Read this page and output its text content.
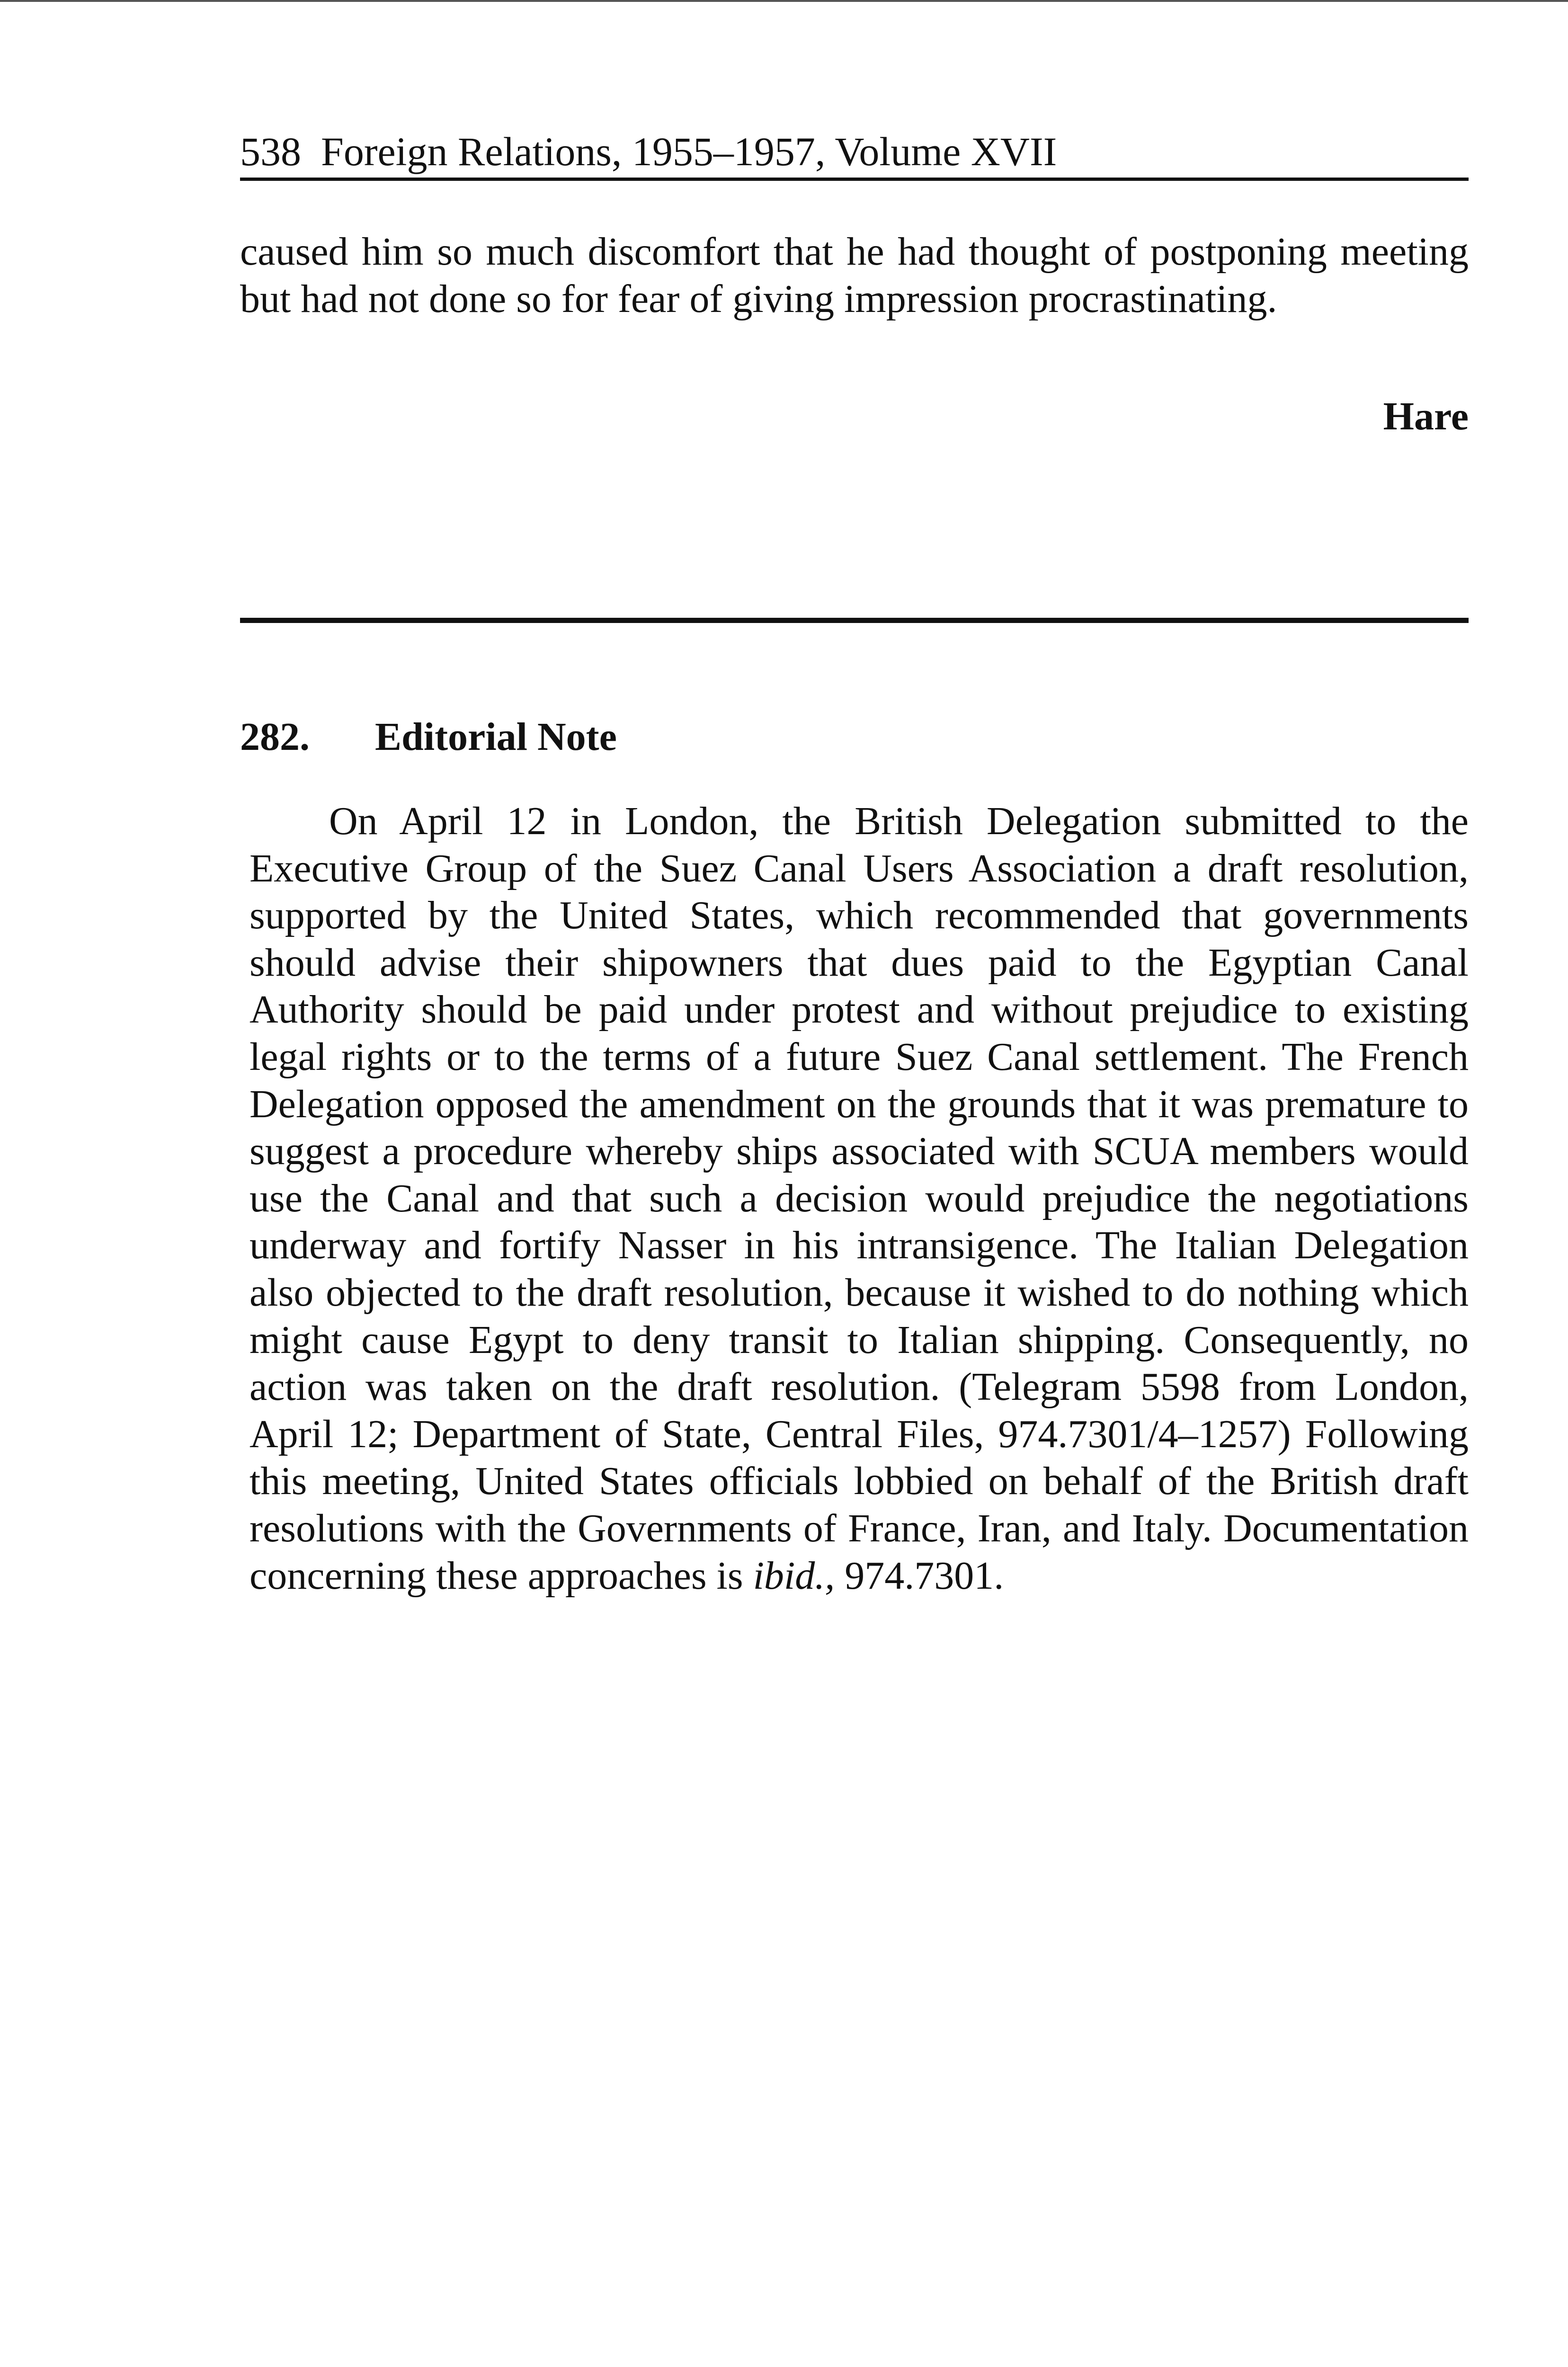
538 Foreign Relations, 1955–1957, Volume XVII

caused him so much discomfort that he had thought of postponing meeting but had not done so for fear of giving impression procrastinating.

Hare
282. Editorial Note

On April 12 in London, the British Delegation submitted to the Executive Group of the Suez Canal Users Association a draft resolution, supported by the United States, which recommended that governments should advise their shipowners that dues paid to the Egyptian Canal Authority should be paid under protest and without prejudice to existing legal rights or to the terms of a future Suez Canal settlement. The French Delegation opposed the amendment on the grounds that it was premature to suggest a procedure whereby ships associated with SCUA members would use the Canal and that such a decision would prejudice the negotiations underway and fortify Nasser in his intransigence. The Italian Delegation also objected to the draft resolution, because it wished to do nothing which might cause Egypt to deny transit to Italian shipping. Consequently, no action was taken on the draft resolution. (Telegram 5598 from London, April 12; Department of State, Central Files, 974.7301/4–1257) Following this meeting, United States officials lobbied on behalf of the British draft resolutions with the Governments of France, Iran, and Italy. Documentation concerning these approaches is ibid., 974.7301.
